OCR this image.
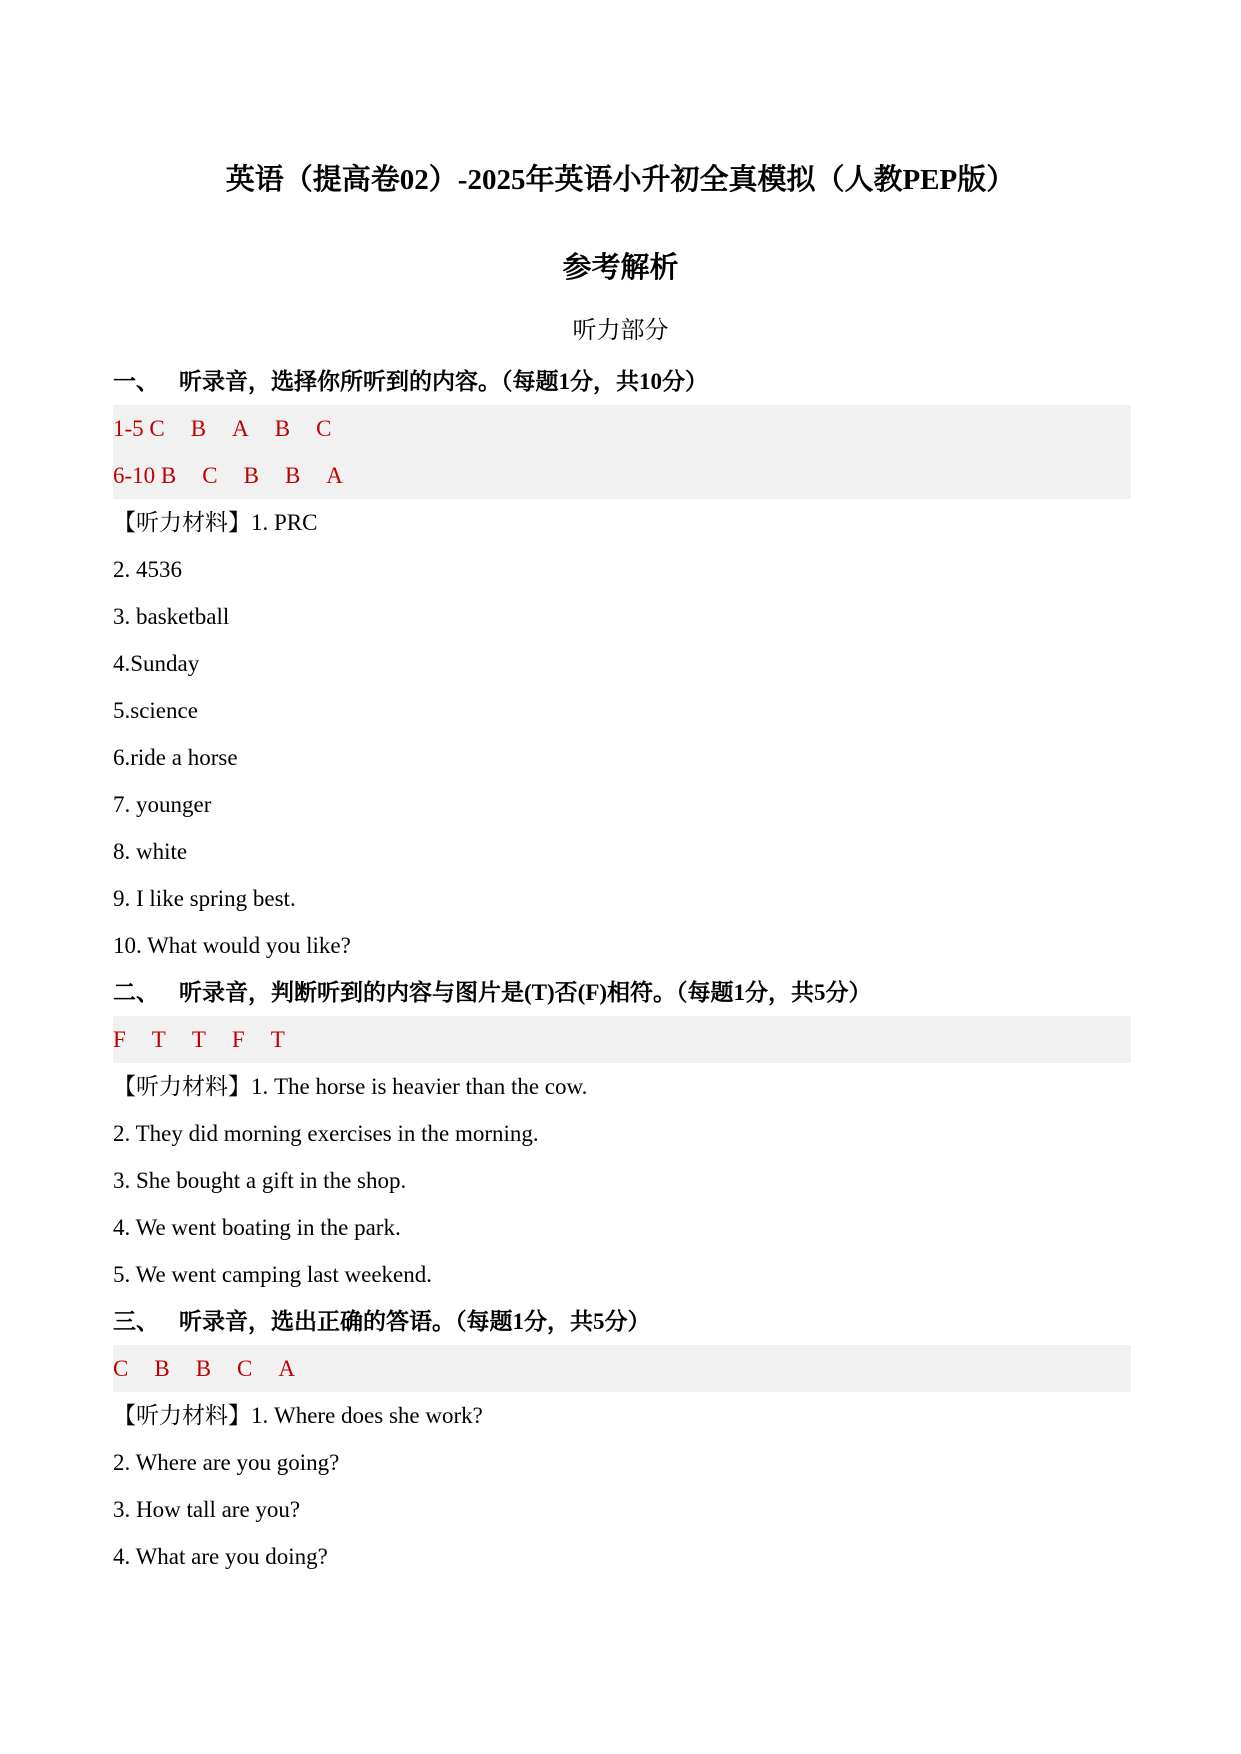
英语（提高卷02）-2025年英语小升初全真模拟（人教PEP版）
参考解析
听力部分
一、 听录音，选择你所听到的内容。（每题1分，共10分）
1-5 C B A B C
6-10 B C B B A
【听力材料】1. PRC
2. 4536
3. basketball
4.Sunday
5.science
6.ride a horse
7. younger
8. white
9. I like spring best.
10. What would you like?
二、 听录音，判断听到的内容与图片是(T)否(F)相符。（每题1分，共5分）
F T T F T
【听力材料】1. The horse is heavier than the cow.
2. They did morning exercises in the morning.
3. She bought a gift in the shop.
4. We went boating in the park.
5. We went camping last weekend.
三、 听录音，选出正确的答语。（每题1分，共5分）
C B B C A
【听力材料】1. Where does she work?
2. Where are you going?
3. How tall are you?
4. What are you doing?
